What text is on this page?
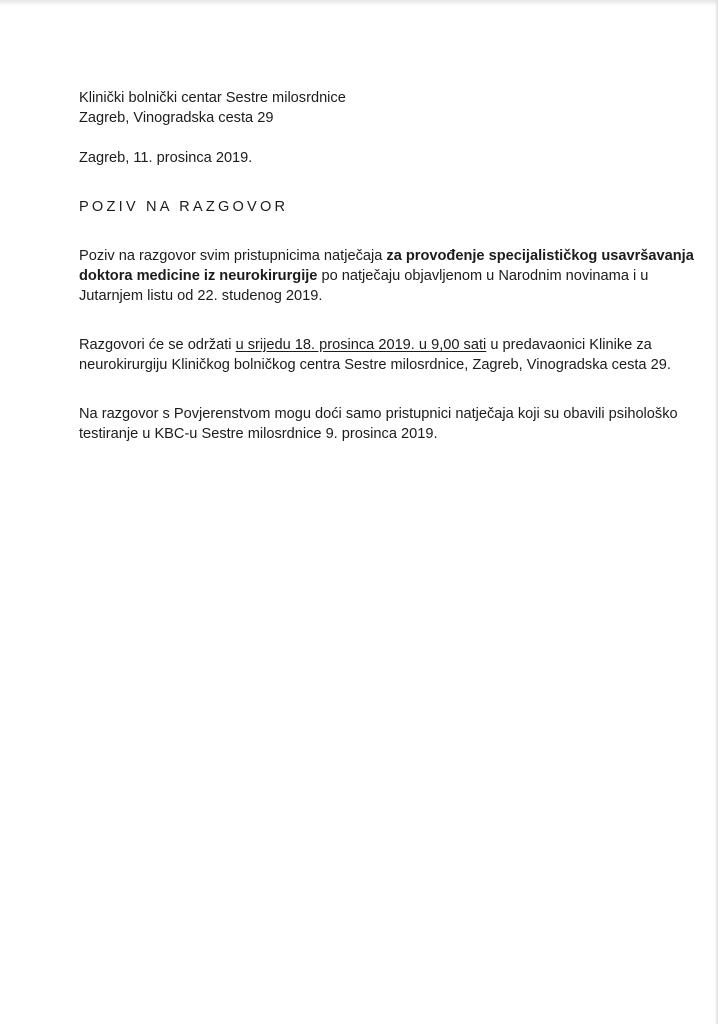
Klinički bolnički centar Sestre milosrdnice
Zagreb, Vinogradska cesta 29
Zagreb, 11. prosinca 2019.
POZIV NA RAZGOVOR
Poziv na razgovor svim pristupnicima natječaja za provođenje specijalističkog usavršavanja
doktora medicine iz neurokirurgije po natječaju objavljenom u Narodnim novinama i u
Jutarnjem listu od 22. studenog 2019.
Razgovori će se održati u srijedu 18. prosinca 2019. u 9,00 sati u predavaonici Klinike za
neurokirurgiju Kliničkog bolničkog centra Sestre milosrdnice, Zagreb, Vinogradska cesta 29.
Na razgovor s Povjerenstvom mogu doći samo pristupnici natječaja koji su obavili psihološko
testiranje u KBC-u Sestre milosrdnice 9. prosinca 2019.
